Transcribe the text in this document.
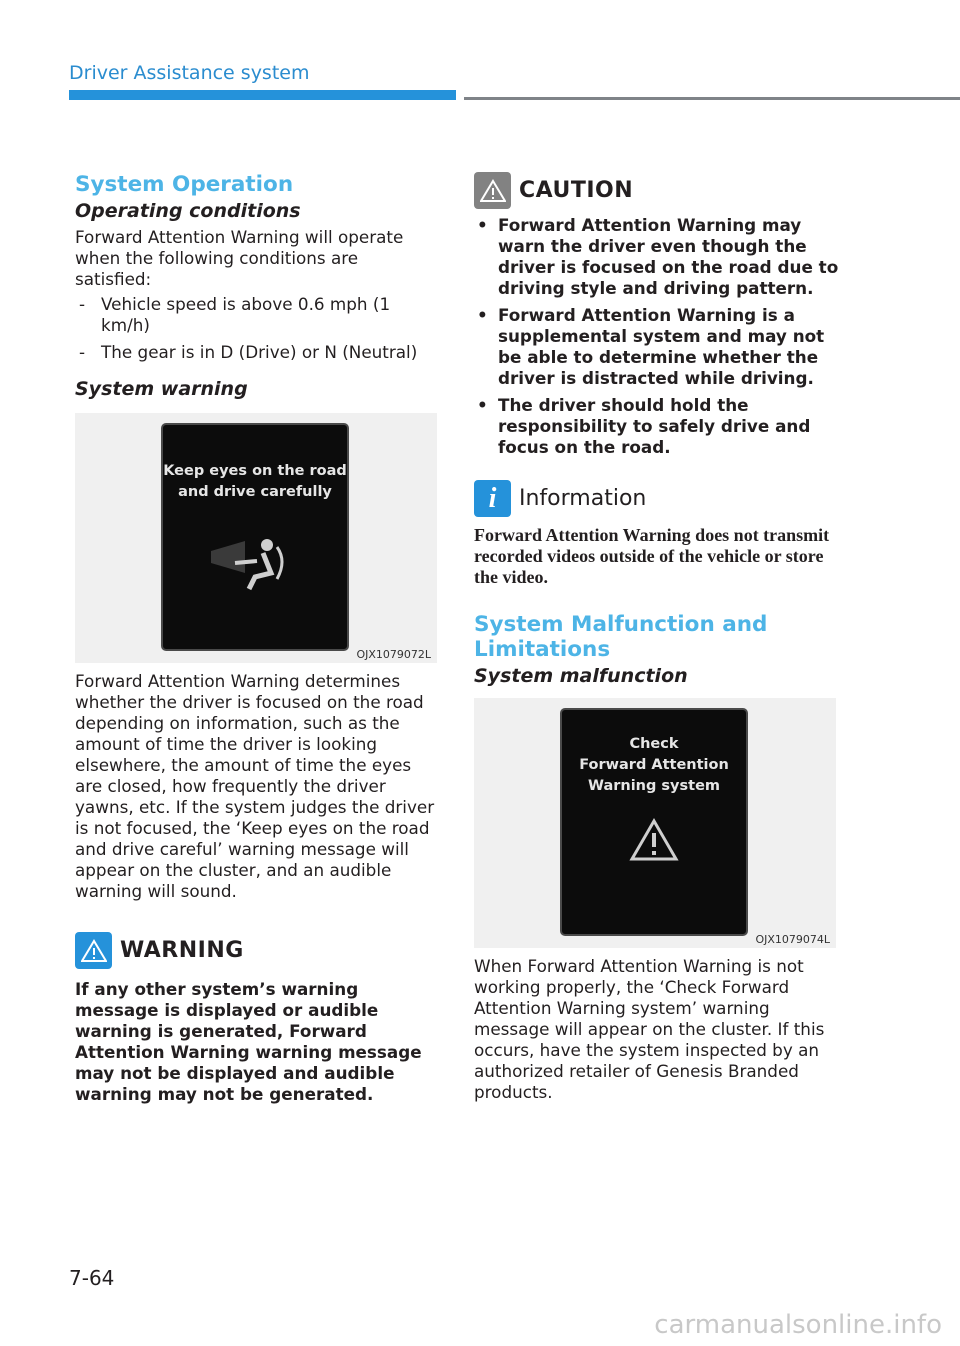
Driver Assistance system
System Operation
Operating conditions

Forward Attention Warning will operate when the following conditions are satisfied:

- Vehicle speed is above 0.6 mph (1 km/h)
- The gear is in D (Drive) or N (Neutral)
System warning
Keep eyes on the road
and drive carefully
OJX1079072L

Forward Attention Warning determines whether the driver is focused on the road depending on information, such as the amount of time the driver is looking elsewhere, the amount of time the eyes are closed, how frequently the driver yawns, etc. If the system judges the driver is not focused, the ‘Keep eyes on the road and drive careful’ warning message will appear on the cluster, and an audible warning will sound.

WARNING

If any other system’s warning message is displayed or audible warning is generated, Forward Attention Warning warning message may not be displayed and audible warning may not be generated.

CAUTION
• Forward Attention Warning may warn the driver even though the driver is focused on the road due to driving style and driving pattern.
• Forward Attention Warning is a supplemental system and may not be able to determine whether the driver is distracted while driving.
• The driver should hold the responsibility to safely drive and focus on the road.
i Information

Forward Attention Warning does not transmit recorded videos outside of the vehicle or store the video.

System Malfunction and Limitations
System malfunction
Check
Forward Attention
Warning system
OJX1079074L

When Forward Attention Warning is not working properly, the ‘Check Forward Attention Warning system’ warning message will appear on the cluster. If this occurs, have the system inspected by an authorized retailer of Genesis Branded products.

7-64
carmanualsonline.info
